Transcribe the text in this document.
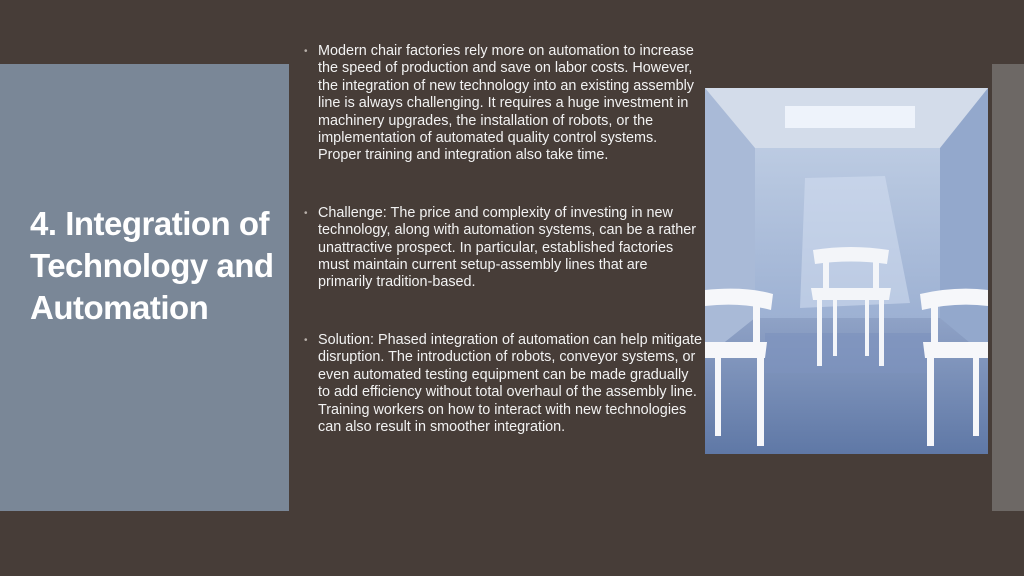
4. Integration of Technology and Automation
• Modern chair factories rely more on automation to increase the speed of production and save on labor costs. However, the integration of new technology into an existing assembly line is always challenging. It requires a huge investment in machinery upgrades, the installation of robots, or the implementation of automated quality control systems. Proper training and integration also take time.
• Challenge: The price and complexity of investing in new technology, along with automation systems, can be a rather unattractive prospect. In particular, established factories must maintain current setup-assembly lines that are primarily tradition-based.
• Solution: Phased integration of automation can help mitigate disruption. The introduction of robots, conveyor systems, or even automated testing equipment can be made gradually to add efficiency without total overhaul of the assembly line. Training workers on how to interact with new technologies can also result in smoother integration.
